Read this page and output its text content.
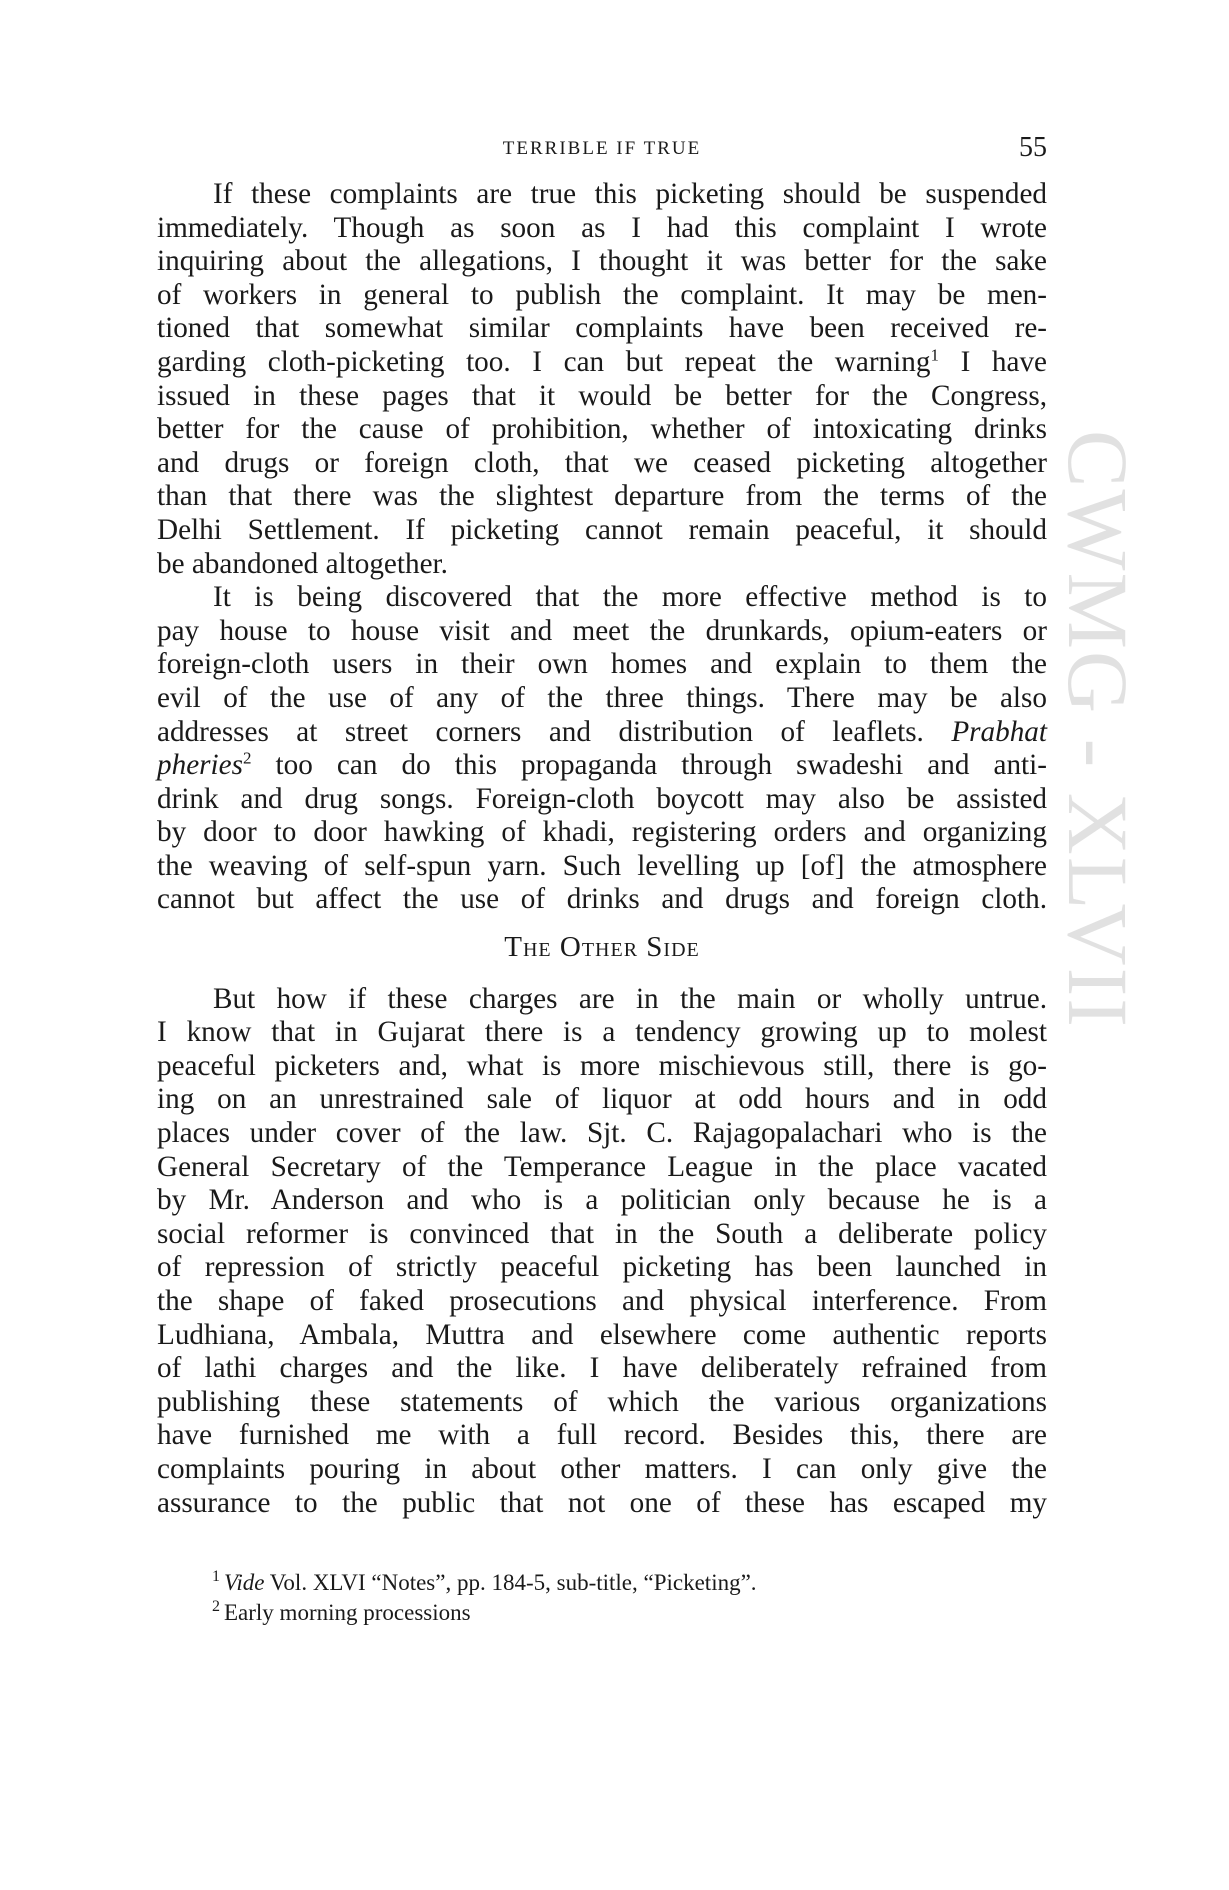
TERRIBLE IF TRUE	55
If these complaints are true this picketing should be suspended
immediately. Though as soon as I had this complaint I wrote
inquiring about the allegations, I thought it was better for the sake
of workers in general to publish the complaint. It may be men-
tioned that somewhat similar complaints have been received re-
garding cloth-picketing too. I can but repeat the warning$^1$ I have
issued in these pages that it would be better for the Congress,
better for the cause of prohibition, whether of intoxicating drinks
and drugs or foreign cloth, that we ceased picketing altogether
than that there was the slightest departure from the terms of the
Delhi Settlement. If picketing cannot remain peaceful, it should
be abandoned altogether.
It is being discovered that the more effective method is to
pay house to house visit and meet the drunkards, opium-eaters or
foreign-cloth users in their own homes and explain to them the
evil of the use of any of the three things. There may be also
addresses at street corners and distribution of leaflets. Prabhat
pheries$^2$ too can do this propaganda through swadeshi and anti-
drink and drug songs. Foreign-cloth boycott may also be assisted
by door to door hawking of khadi, registering orders and organizing
the weaving of self-spun yarn. Such levelling up [of] the atmosphere
cannot but affect the use of drinks and drugs and foreign cloth.
The Other Side
But how if these charges are in the main or wholly untrue.
I know that in Gujarat there is a tendency growing up to molest
peaceful picketers and, what is more mischievous still, there is go-
ing on an unrestrained sale of liquor at odd hours and in odd
places under cover of the law. Sjt. C. Rajagopalachari who is the
General Secretary of the Temperance League in the place vacated
by Mr. Anderson and who is a politician only because he is a
social reformer is convinced that in the South a deliberate policy
of repression of strictly peaceful picketing has been launched in
the shape of faked prosecutions and physical interference. From
Ludhiana, Ambala, Muttra and elsewhere come authentic reports
of lathi charges and the like. I have deliberately refrained from
publishing these statements of which the various organizations
have furnished me with a full record. Besides this, there are
complaints pouring in about other matters. I can only give the
assurance to the public that not one of these has escaped my
$^1$ Vide Vol. XLVI “Notes”, pp. 184-5, sub-title, “Picketing”.
$^2$ Early morning processions
CWMG - XLVII
